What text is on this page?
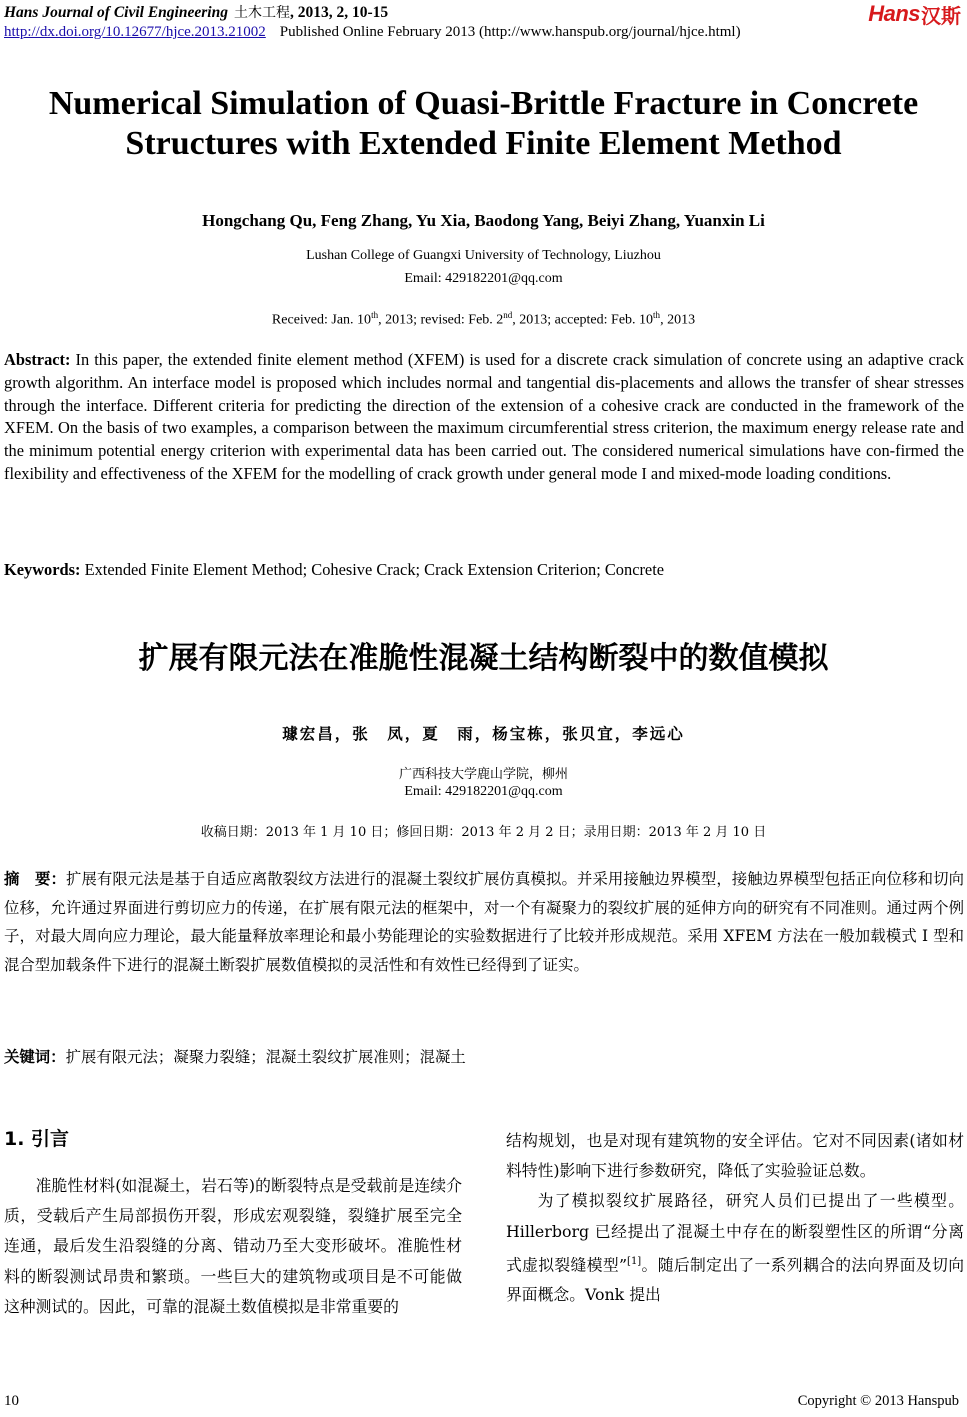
Hans Journal of Civil Engineering 土木工程, 2013, 2, 10-15
http://dx.doi.org/10.12677/hjce.2013.21002 Published Online February 2013 (http://www.hanspub.org/journal/hjce.html)
Hans 汉斯
Numerical Simulation of Quasi-Brittle Fracture in Concrete
Structures with Extended Finite Element Method
Hongchang Qu, Feng Zhang, Yu Xia, Baodong Yang, Beiyi Zhang, Yuanxin Li
Lushan College of Guangxi University of Technology, Liuzhou
Email: 429182201@qq.com
Received: Jan. 10th, 2013; revised: Feb. 2nd, 2013; accepted: Feb. 10th, 2013
Abstract: In this paper, the extended finite element method (XFEM) is used for a discrete crack simulation of concrete using an adaptive crack growth algorithm. An interface model is proposed which includes normal and tangential dis-placements and allows the transfer of shear stresses through the interface. Different criteria for predicting the direction of the extension of a cohesive crack are conducted in the framework of the XFEM. On the basis of two examples, a comparison between the maximum circumferential stress criterion, the maximum energy release rate and the minimum potential energy criterion with experimental data has been carried out. The considered numerical simulations have con-firmed the flexibility and effectiveness of the XFEM for the modelling of crack growth under general mode I and mixed-mode loading conditions.
Keywords: Extended Finite Element Method; Cohesive Crack; Crack Extension Criterion; Concrete
扩展有限元法在准脆性混凝土结构断裂中的数值模拟
璩宏昌，张　凤，夏　雨，杨宝栋，张贝宜，李远心
广西科技大学鹿山学院，柳州
Email: 429182201@qq.com
收稿日期：2013 年 1 月 10 日；修回日期：2013 年 2 月 2 日；录用日期：2013 年 2 月 10 日
摘　要：扩展有限元法是基于自适应离散裂纹方法进行的混凝土裂纹扩展仿真模拟。并采用接触边界模型，接触边界模型包括正向位移和切向位移，允许通过界面进行剪切应力的传递，在扩展有限元法的框架中，对一个有凝聚力的裂纹扩展的延伸方向的研究有不同准则。通过两个例子，对最大周向应力理论，最大能量释放率理论和最小势能理论的实验数据进行了比较并形成规范。采用 XFEM 方法在一般加载模式 I 型和混合型加载条件下进行的混凝土断裂扩展数值模拟的灵活性和有效性已经得到了证实。
关键词：扩展有限元法；凝聚力裂缝；混凝土裂纹扩展准则；混凝土
1. 引言

准脆性材料(如混凝土，岩石等)的断裂特点是受载前是连续介质，受载后产生局部损伤开裂，形成宏观裂缝，裂缝扩展至完全连通，最后发生沿裂缝的分离、错动乃至大变形破坏。准脆性材料的断裂测试昂贵和繁琐。一些巨大的建筑物或项目是不可能做这种测试的。因此，可靠的混凝土数值模拟是非常重要的

结构规划，也是对现有建筑物的安全评估。它对不同因素(诸如材料特性)影响下进行参数研究，降低了实验验证总数。

为了模拟裂纹扩展路径，研究人员们已提出了一些模型。Hillerborg 已经提出了混凝土中存在的断裂塑性区的所谓“分离式虚拟裂缝模型”[1]。随后制定出了一系列耦合的法向界面及切向界面概念。Vonk 提出

10	Copyright © 2013 Hanspub
